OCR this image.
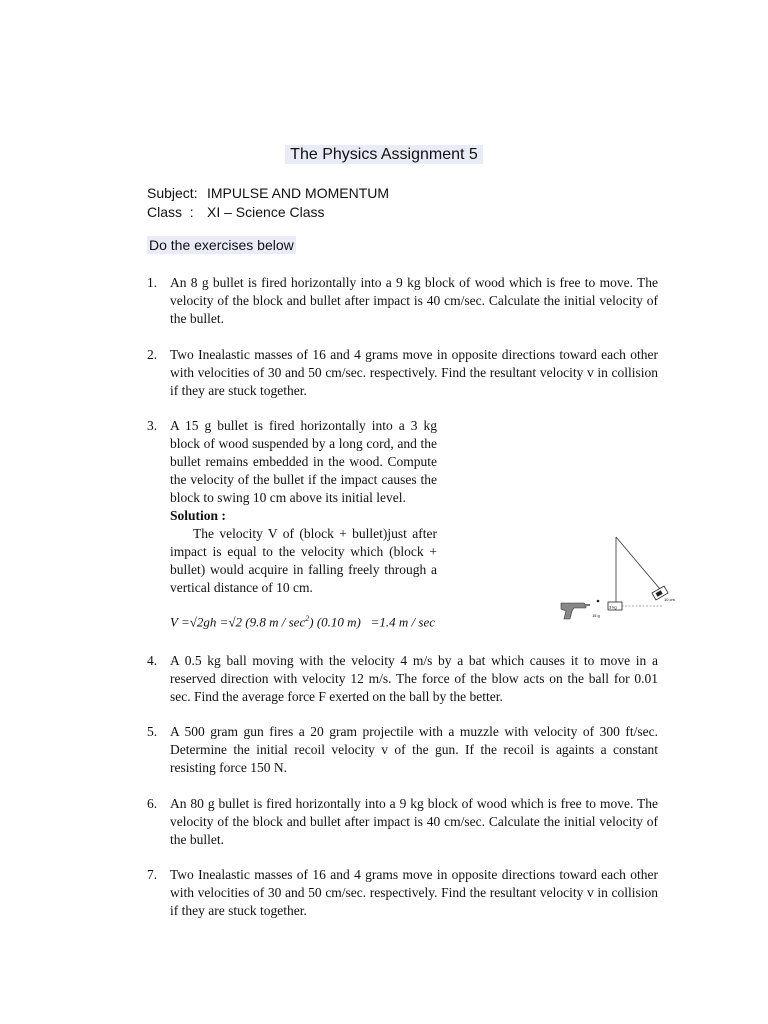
The Physics Assignment 5
Subject: IMPULSE AND MOMENTUM
Class : XI – Science Class
Do the exercises below
1. An 8 g bullet is fired horizontally into a 9 kg block of wood which is free to move. The velocity of the block and bullet after impact is 40 cm/sec. Calculate the initial velocity of the bullet.
2. Two Inealastic masses of 16 and 4 grams move in opposite directions toward each other with velocities of 30 and 50 cm/sec. respectively. Find the resultant velocity v in collision if they are stuck together.
3. A 15 g bullet is fired horizontally into a 3 kg block of wood suspended by a long cord, and the bullet remains embedded in the wood. Compute the velocity of the bullet if the impact causes the block to swing 10 cm above its initial level.
Solution :
The velocity V of (block + bullet)just after impact is equal to the velocity which (block + bullet) would acquire in falling freely through a vertical distance of 10 cm.
V =√2gh =√2 (9.8 m / $\sec^2$) (0.10 m) =1.4 m / sec
3 kg
10 cm
15 g
4. A 0.5 kg ball moving with the velocity 4 m/s by a bat which causes it to move in a reserved direction with velocity 12 m/s. The force of the blow acts on the ball for 0.01 sec. Find the average force F exerted on the ball by the better.
5. A 500 gram gun fires a 20 gram projectile with a muzzle with velocity of 300 ft/sec. Determine the initial recoil velocity v of the gun. If the recoil is againts a constant resisting force 150 N.
6. An 80 g bullet is fired horizontally into a 9 kg block of wood which is free to move. The velocity of the block and bullet after impact is 40 cm/sec. Calculate the initial velocity of the bullet.
7. Two Inealastic masses of 16 and 4 grams move in opposite directions toward each other with velocities of 30 and 50 cm/sec. respectively. Find the resultant velocity v in collision if they are stuck together.
